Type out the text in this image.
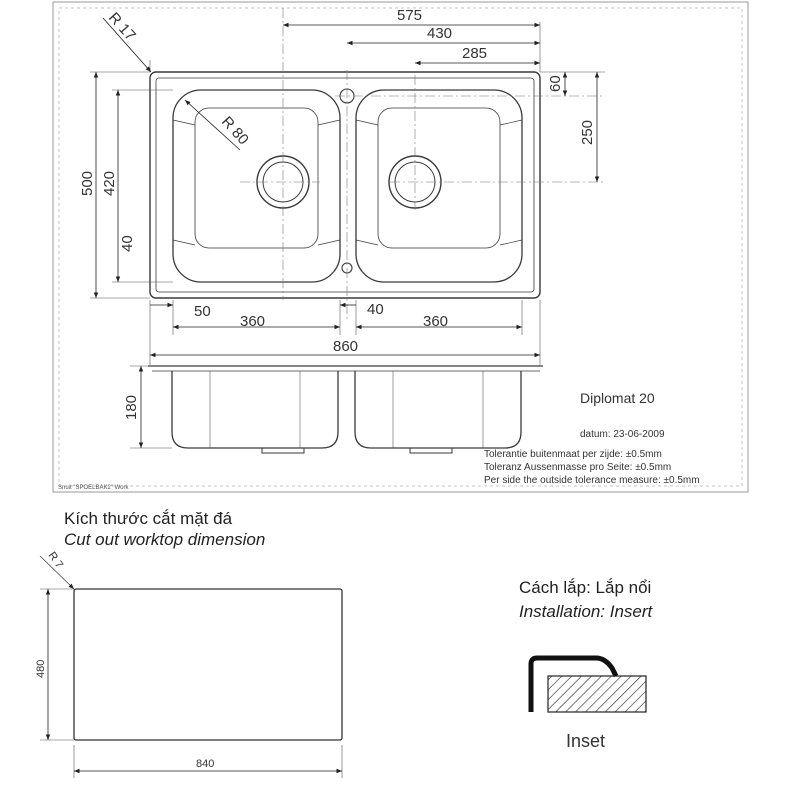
575
430
285
60
250
500 420
40
R 17
R 80
50
360
40
360
860
180	Diplomat 20
datum: 23-06-2009
Tolerantie buitenmaat per zijde: ±0.5mm
Toleranz Aussenmasse pro Seite: ±0.5mm
Per side the outside tolerance measure: ±0.5mm
Snuit "SPOELBAK2" Work
R 7
480
840
Kích thước cắt mặt đá
Cut out worktop dimension
Cách lắp: Lắp nổi
Installation: Insert
Inset
